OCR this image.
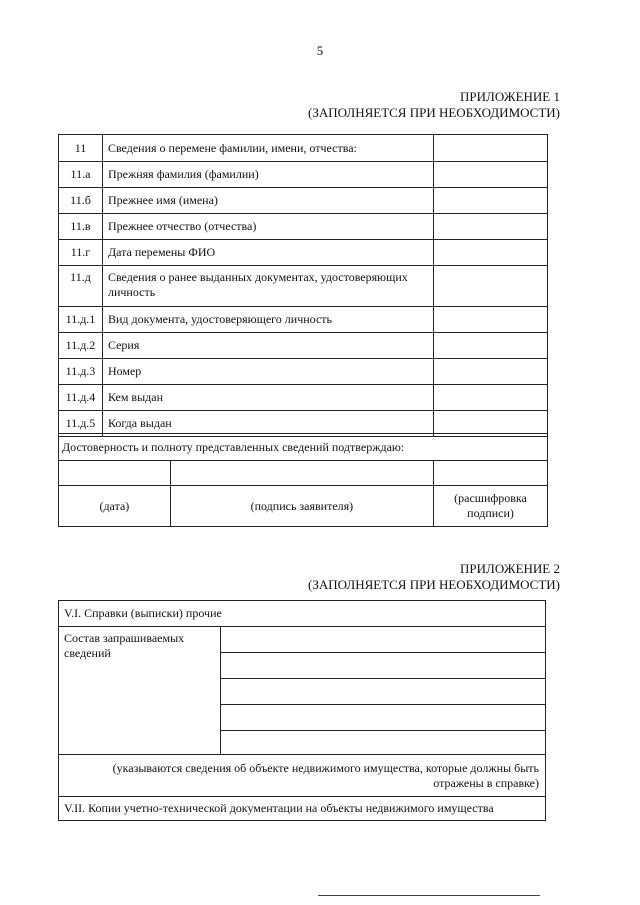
5
ПРИЛОЖЕНИЕ 1
(ЗАПОЛНЯЕТСЯ ПРИ НЕОБХОДИМОСТИ)
11	Сведения о перемене фамилии, имени, отчества:	
11.а	Прежняя фамилия (фамилии)	
11.б	Прежнее имя (имена)	
11.в	Прежнее отчество (отчества)	
11.г	Дата перемены ФИО	
11.д	Сведения о ранее выданных документах, удостоверяющих личность	
11.д.1	Вид документа, удостоверяющего личность	
11.д.2	Серия	
11.д.3	Номер	
11.д.4	Кем выдан	
11.д.5	Когда выдан	
Достоверность и полноту представленных сведений подтверждаю:		

(дата)	(подпись заявителя)	(расшифровка подписи)
ПРИЛОЖЕНИЕ 2
(ЗАПОЛНЯЕТСЯ ПРИ НЕОБХОДИМОСТИ)
V.I. Справки (выписки) прочие
Состав запрашиваемых сведений	

(указываются сведения об объекте недвижимого имущества, которые должны быть отражены в справке)
V.II. Копии учетно-технической документации на объекты недвижимого имущества
